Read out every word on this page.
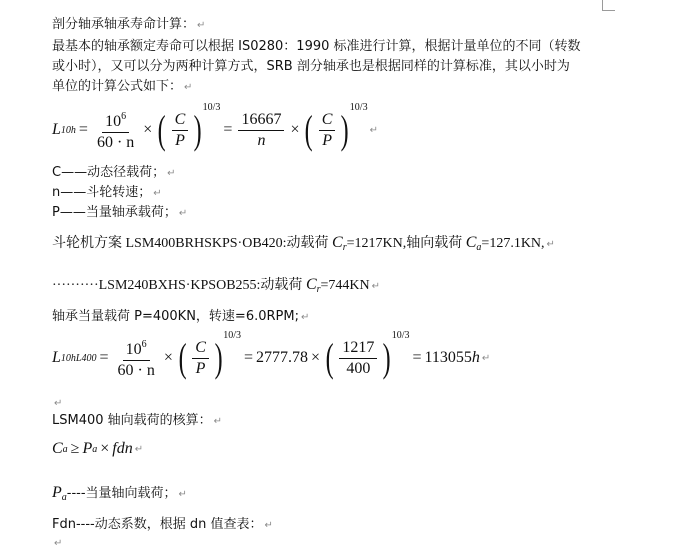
剖分轴承轴承寿命计算： ↵
最基本的轴承额定寿命可以根据 IS0280：1990 标准进行计算，根据计量单位的不同（转数
或小时），又可以分为两种计算方式，SRB 剖分轴承也是根据同样的计算标准，其以小时为
单位的计算公式如下： ↵
L $10h = \frac{10^6}{60 \cdot n}$ × ( $\frac{C}{P}$ ) 10/3
= $\frac{16667}{n}$ × ( $\frac{C}{P}$ ) 10/3
↵
C——动态径载荷； ↵
n——斗轮转速； ↵
P——当量轴承载荷； ↵
斗轮机方案 LSM400BRHSKPS·OB420:动载荷 Cr=1217KN,轴向载荷 Ca=127.1KN, ↵
··········LSM240BXHS·KPSOB255:动载荷 Cr=744KN ↵
轴承当量载荷 P=400KN，转速=6.0RPM; ↵
L $10hL400 = \frac{10^6}{60 \cdot n}$ × ( $\frac{C}{P}$ ) 10/3
= 2777.78 × ( $\frac{1217}{400}$ ) 10/3
= 113055 h ↵
↵
LSM400 轴向载荷的核算： ↵
C a ≥ P a × fdn ↵
Pa----当量轴向载荷； ↵
Fdn----动态系数，根据 dn 值查表： ↵
↵
